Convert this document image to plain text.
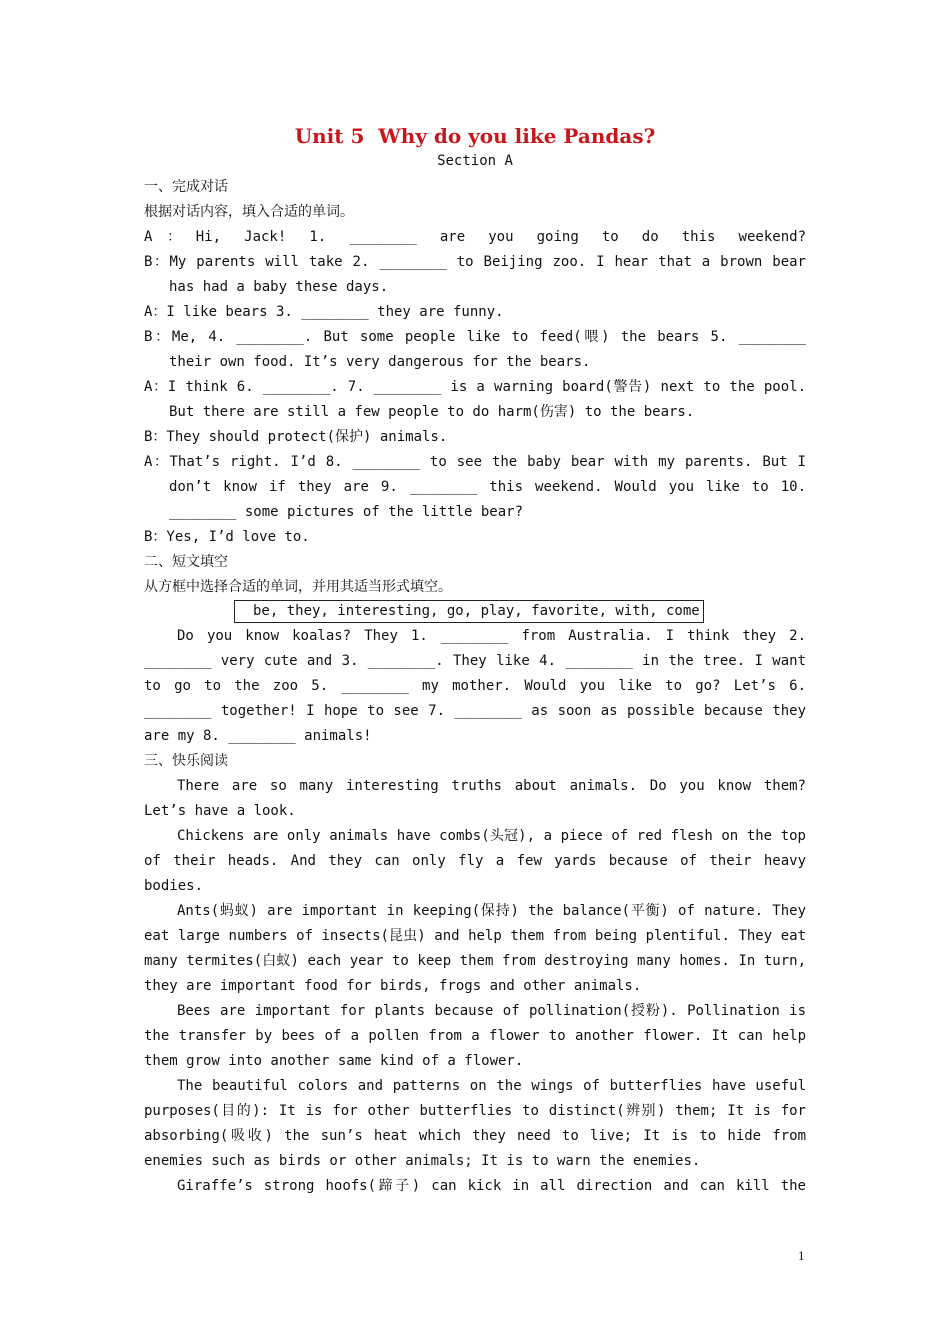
Unit 5  Why do you like Pandas?
Section A
一、完成对话
根据对话内容，填入合适的单词。
A：Hi, Jack! 1. ________ are you going to do this weekend?
B：My parents will take 2. ________ to Beijing zoo. I hear that a brown bear
has had a baby these days.
A：I like bears 3. ________ they are funny.
B：Me, 4. ________. But some people like to feed(喂) the bears 5. ________
their own food. It’s very dangerous for the bears.
A：I think 6. ________. 7. ________ is a warning board(警告) next to the pool.
But there are still a few people to do harm(伤害) to the bears.
B：They should protect(保护) animals.
A：That’s right. I’d 8. ________ to see the baby bear with my parents. But I
don’t know if they are 9. ________ this weekend. Would you like to 10.
________ some pictures of the little bear?
B：Yes, I’d love to.
二、短文填空
从方框中选择合适的单词，并用其适当形式填空。
be, they, interesting, go, play, favorite, with, come
Do you know koalas? They 1. ________ from Australia. I think they 2.
________ very cute and 3. ________. They like 4. ________ in the tree. I want
to go to the zoo 5. ________ my mother. Would you like to go? Let’s 6.
________ together! I hope to see 7. ________ as soon as possible because they
are my 8. ________ animals!
三、快乐阅读
There are so many interesting truths about animals. Do you know them?
Let’s have a look.
Chickens are only animals have combs(头冠), a piece of red flesh on the top
of their heads. And they can only fly a few yards because of their heavy
bodies.
Ants(蚂蚁) are important in keeping(保持) the balance(平衡) of nature. They
eat large numbers of insects(昆虫) and help them from being plentiful. They eat
many termites(白蚁) each year to keep them from destroying many homes. In turn,
they are important food for birds, frogs and other animals.
Bees are important for plants because of pollination(授粉). Pollination is
the transfer by bees of a pollen from a flower to another flower. It can help
them grow into another same kind of a flower.
The beautiful colors and patterns on the wings of butterflies have useful
purposes(目的): It is for other butterflies to distinct(辨别) them; It is for
absorbing(吸收) the sun’s heat which they need to live; It is to hide from
enemies such as birds or other animals; It is to warn the enemies.
Giraffe’s strong hoofs(蹄子) can kick in all direction and can kill the
1
